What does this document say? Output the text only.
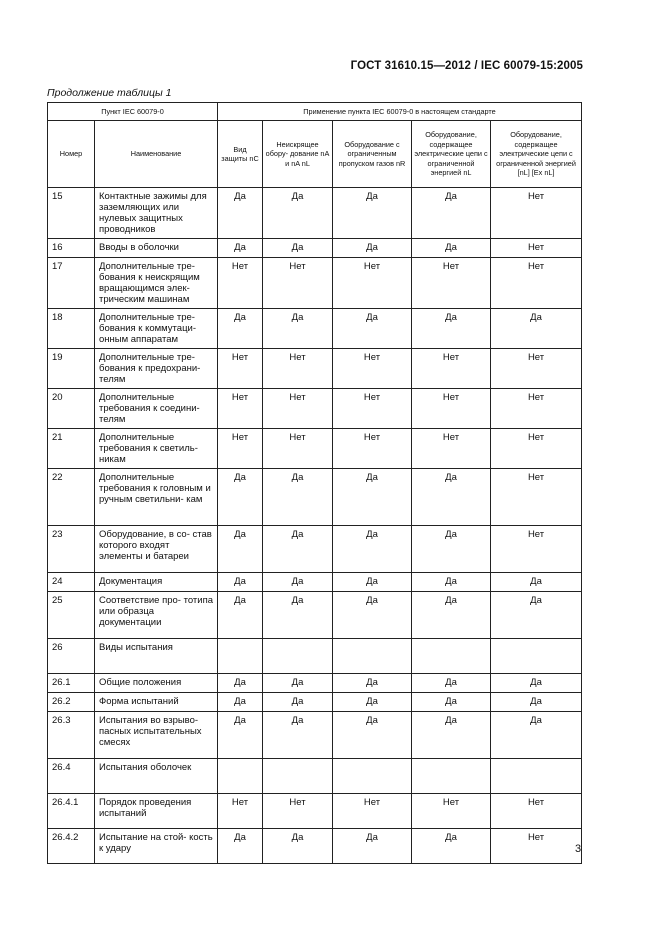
ГОСТ 31610.15—2012 / IEC 60079-15:2005
Продолжение таблицы 1
Пункт IEC 60079-0		Применение пункта IEC 60079-0 в настоящем стандарте				
Номер	Наименование	Вид защиты nC	Неискрящее обору- дование nA и nA nL	Оборудование с ограниченным пропуском газов nR	Оборудование, содержащее электрические цепи с ограниченной энергией nL	Оборудование, содержащее электрические цепи с ограниченной энергией [nL] [Ex nL]
15	Контактные зажимы для заземляющих или нулевых защитных проводников	Да	Да	Да	Да	Нет
16	Вводы в оболочки	Да	Да	Да	Да	Нет
17	Дополнительные тре- бования к неискрящим вращающимся элек- трическим машинам	Нет	Нет	Нет	Нет	Нет
18	Дополнительные тре- бования к коммутаци- онным аппаратам	Да	Да	Да	Да	Да
19	Дополнительные тре- бования к предохрани- телям	Нет	Нет	Нет	Нет	Нет
20	Дополнительные требования к соедини- телям	Нет	Нет	Нет	Нет	Нет
21	Дополнительные требования к светиль- никам	Нет	Нет	Нет	Нет	Нет
22	Дополнительные требования к головным и ручным светильни- кам	Да	Да	Да	Да	Нет
23	Оборудование, в со- став которого входят элементы и батареи	Да	Да	Да	Да	Нет
24	Документация	Да	Да	Да	Да	Да
25	Соответствие про- тотипа или образца документации	Да	Да	Да	Да	Да
26	Виды испытания					
26.1	Общие положения	Да	Да	Да	Да	Да
26.2	Форма испытаний	Да	Да	Да	Да	Да
26.3	Испытания во взрыво- пасных испытательных смесях	Да	Да	Да	Да	Да
26.4	Испытания оболочек					
26.4.1	Порядок проведения испытаний	Нет	Нет	Нет	Нет	Нет
26.4.2	Испытание на стой- кость к удару	Да	Да	Да	Да	Нет
3
